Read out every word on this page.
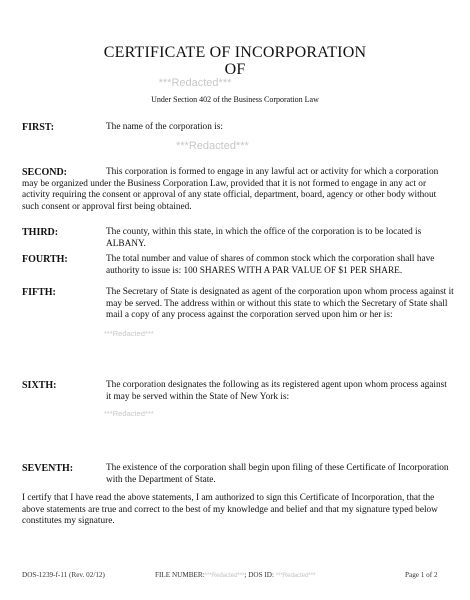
CERTIFICATE OF INCORPORATION
OF
***Redacted***
Under Section 402 of the Business Corporation Law
FIRST:	The name of the corporation is:
***Redacted***
SECOND:	This corporation is formed to engage in any lawful act or activity for which a corporation may be organized under the Business Corporation Law, provided that it is not formed to engage in any act or activity requiring the consent or approval of any state official, department, board, agency or other body without such consent or approval first being obtained.
THIRD:	The county, within this state, in which the office of the corporation is to be located is ALBANY.
FOURTH:	The total number and value of shares of common stock which the corporation shall have authority to issue is: 100 SHARES WITH A PAR VALUE OF $1 PER SHARE.
FIFTH:	The Secretary of State is designated as agent of the corporation upon whom process against it may be served. The address within or without this state to which the Secretary of State shall mail a copy of any process against the corporation served upon him or her is:
***Redacted***
SIXTH:	The corporation designates the following as its registered agent upon whom process against it may be served within the State of New York is:
***Redacted***
SEVENTH:	The existence of the corporation shall begin upon filing of these Certificate of Incorporation with the Department of State.
I certify that I have read the above statements, I am authorized to sign this Certificate of Incorporation, that the above statements are true and correct to the best of my knowledge and belief and that my signature typed below constitutes my signature.
DOS-1239-f-11 (Rev. 02/12)	FILE NUMBER:***Redacted***; DOS ID: ***Redacted***	Page 1 of 2
